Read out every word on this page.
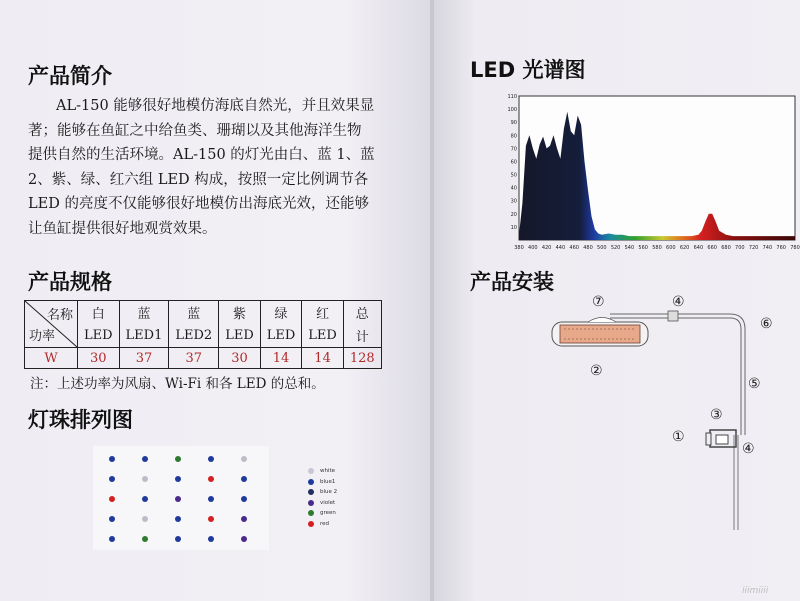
产品简介
AL-150 能够很好地模仿海底自然光，并且效果显
著；能够在鱼缸之中给鱼类、珊瑚以及其他海洋生物
提供自然的生活环境。AL-150 的灯光由白、蓝 1、蓝
2、紫、绿、红六组 LED 构成，按照一定比例调节各
LED 的亮度不仅能够很好地模仿出海底光效，还能够
让鱼缸提供很好地观赏效果。
产品规格
名称
功率	白	蓝	蓝	紫	绿	红	总
	LED	LED1	LED2	LED	LED	LED	计
W	30	37	37	30	14	14	128
注：上述功率为风扇、Wi-Fi 和各 LED 的总和。
灯珠排列图
white
blue1
blue 2
violet
green
red
LED 光谱图
10
20
30
40
50
60
70
80
90
100
110
380 400 420 440 460 480 500 520 540 560 580 600 620 640 660 680 700 720 740 760 780
产品安装
⑦	④
⑥
②
⑤
③
①
④
iiimiiii
